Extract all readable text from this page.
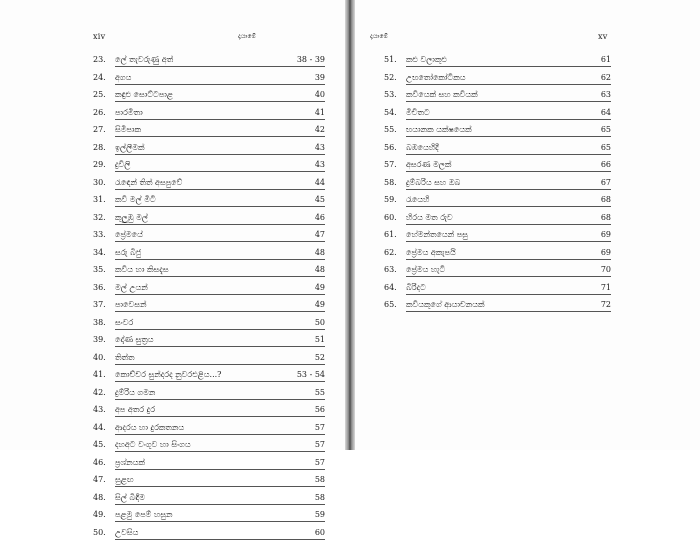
xiv	දෑයාමේ	දෑයාමේ	xv
23.	ලේ තැවරුණු අත්	38 - 39
24.	අගය	39
25.	කඳුළු සොට්ටපාළ	40
26.	පාරමිතා	41
27.	සිමිපාක	42
28.	ඉල්ලීමක්	43
29.	දුවිලි	43
30.	රැඳෙන් තිත් අසපුවේ	44
31.	කවි මල් මිටි	45
32.	කුලුඹු මල්	46
33.	ප්‍රේමයේ	47
34.	සරු බිජු	48
35.	කවිය හා කිසදැස	48
36.	මල් උයන්	49
37.	පාවෙසන්	49
38.	සංවර	50
39.	දෝණ සුත්‍රය	51
40.	තිත්ත	52
41.	කොච්චර සුන්දරද නුවරඑළිය...?	53 - 54
42.	දුම්රිය ගමන	55
43.	අප අතර දුර	56
44.	ආදරය හා දුරකතනය	57
45.	දහඅට වංගුව හා සිංගය	57
46.	ප්‍රශ්නයක්	57
47.	සුළඟ	58
48.	සිල් බිඳීම	58
49.	පළමු පෙම් හසුන	59
50.	උවසිය	60
51.	කළු වලාකුළු	61
52.	උභතෝකෝටිකය	62
53.	කවියෙක් සහ කවියක්	63
54.	මිචිතට	64
55.	භයානක යක්ෂයෙක්	65
56.	බඹයෙහිදී	65
57.	අසරණ මලක්	66
58.	දුම්බරිය සහ ඔබ	67
59.	රැයෙහි	68
60.	හිරය මත රුව	68
61.	හේමන්තයෙන් පසු	69
62.	ප්‍රේමය අකැපයි	69
63.	ප්‍රේමය හැටි	70
64.	බිරිදට	71
65.	කවියකුගේ ආයාචනයක්	72
